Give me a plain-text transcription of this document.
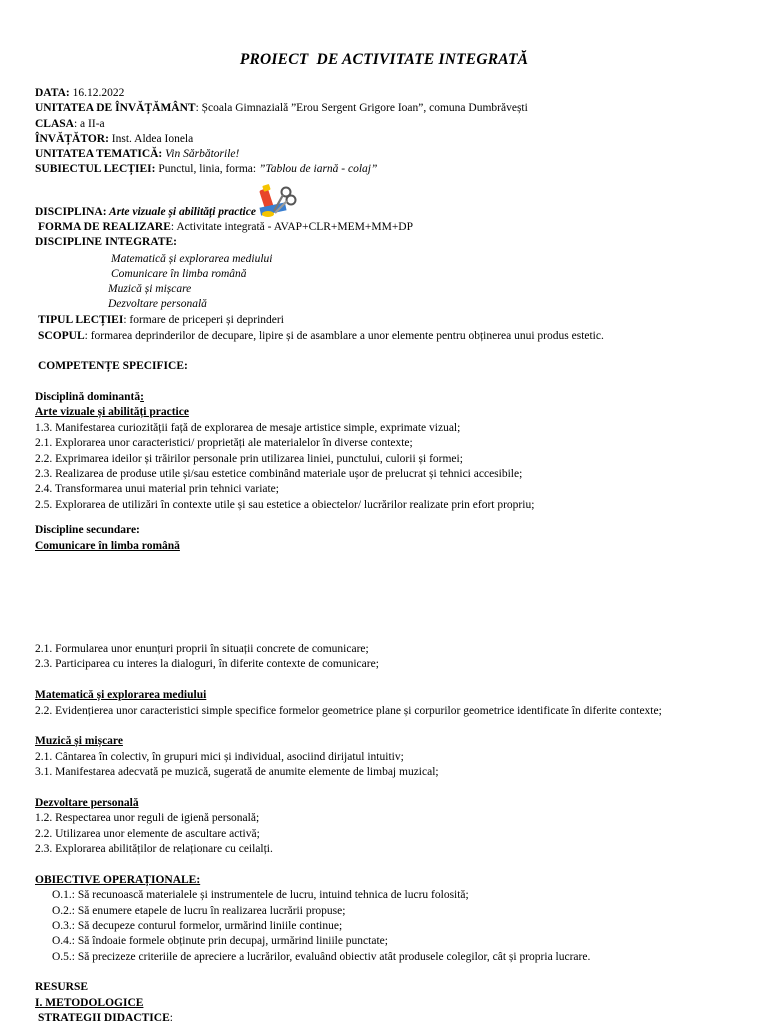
PROIECT  DE ACTIVITATE INTEGRATĂ
DATA: 16.12.2022
UNITATEA DE ÎNVĂȚĂMÂNT: Școala Gimnazială ”Erou Sergent Grigore Ioan”, comuna Dumbrăvești
CLASA: a II-a
ÎNVĂȚĂTOR: Inst. Aldea Ionela
UNITATEA TEMATICĂ: Vin Sărbătorile!
SUBIECTUL LECȚIEI: Punctul, linia, forma: ”Tablou de iarnă - colaj”
DISCIPLINA: Arte vizuale și abilități practice
FORMA DE REALIZARE: Activitate integrată - AVAP+CLR+MEM+MM+DP
DISCIPLINE INTEGRATE:
Matematică și explorarea mediului
Comunicare în limba română
Muzică și mișcare
Dezvoltare personală
TIPUL LECȚIEI: formare de priceperi și deprinderi
SCOPUL: formarea deprinderilor de decupare, lipire și de asamblare a unor elemente pentru obținerea unui produs estetic.
COMPETENȚE SPECIFICE:
Disciplină dominantă:
Arte vizuale și abilități practice
1.3. Manifestarea curiozității față de explorarea de mesaje artistice simple, exprimate vizual;
2.1. Explorarea unor caracteristici/ proprietăți ale materialelor în diverse contexte;
2.2. Exprimarea ideilor și trăirilor personale prin utilizarea liniei, punctului, culorii și formei;
2.3. Realizarea de produse utile și/sau estetice combinând materiale ușor de prelucrat și tehnici accesibile;
2.4. Transformarea unui material prin tehnici variate;
2.5. Explorarea de utilizări în contexte utile și sau estetice a obiectelor/ lucrărilor realizate prin efort propriu;
Discipline secundare:
Comunicare în limba română
2.1. Formularea unor enunțuri proprii în situații concrete de comunicare;
2.3. Participarea cu interes la dialoguri, în diferite contexte de comunicare;
Matematică și explorarea mediului
2.2. Evidențierea unor caracteristici simple specifice formelor geometrice plane și corpurilor geometrice identificate în diferite contexte;
Muzică și mișcare
2.1. Cântarea în colectiv, în grupuri mici și individual, asociind dirijatul intuitiv;
3.1. Manifestarea adecvată pe muzică, sugerată de anumite elemente de limbaj muzical;
Dezvoltare personală
1.2. Respectarea unor reguli de igienă personală;
2.2. Utilizarea unor elemente de ascultare activă;
2.3. Explorarea abilităților de relaționare cu ceilalți.
OBIECTIVE OPERAȚIONALE:
O.1.: Să recunoască materialele și instrumentele de lucru, intuind tehnica de lucru folosită;
O.2.: Să enumere etapele de lucru în realizarea lucrării propuse;
O.3.: Să decupeze conturul formelor, urmărind liniile continue;
O.4.: Să îndoaie formele obținute prin decupaj, urmărind liniile punctate;
O.5.: Să precizeze criteriile de apreciere a lucrărilor, evaluând obiectiv atât produsele colegilor, cât și propria lucrare.
RESURSE
I. METODOLOGICE
STRATEGII DIDACTICE:
